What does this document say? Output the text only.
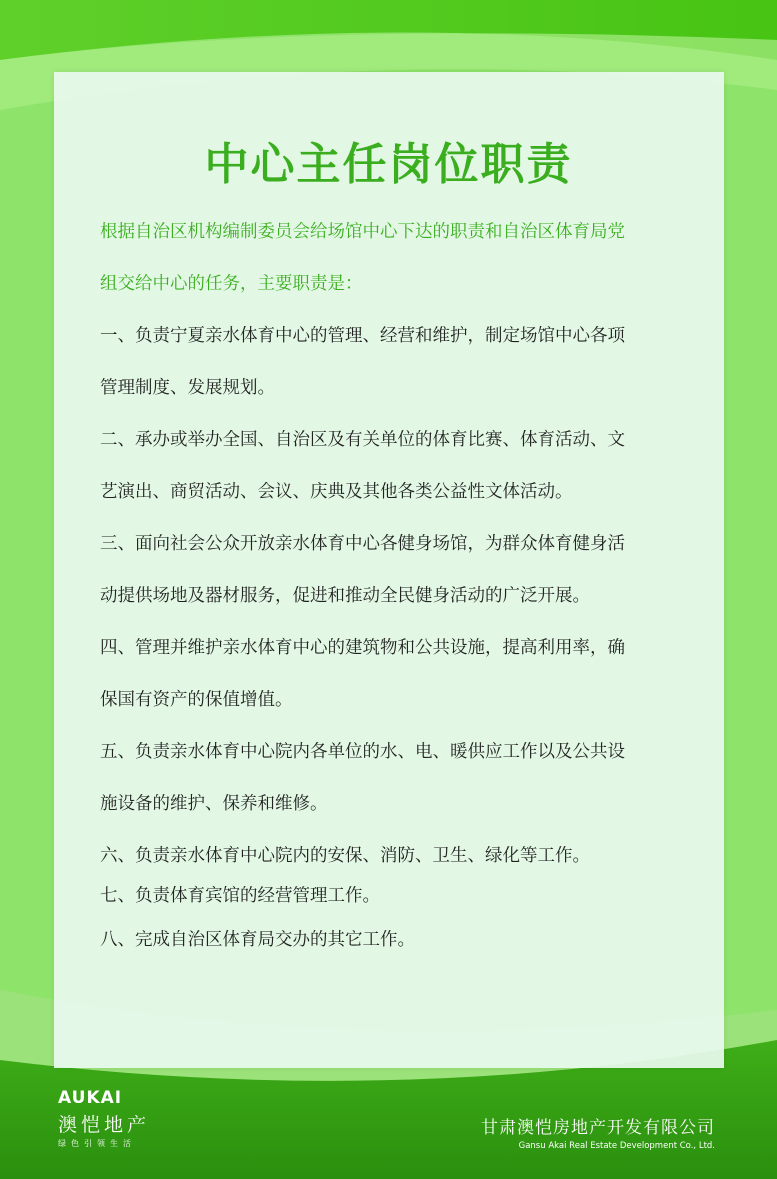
中心主任岗位职责
根据自治区机构编制委员会给场馆中心下达的职责和自治区体育局党
组交给中心的任务，主要职责是：
一、负责宁夏亲水体育中心的管理、经营和维护，制定场馆中心各项
管理制度、发展规划。
二、承办或举办全国、自治区及有关单位的体育比赛、体育活动、文
艺演出、商贸活动、会议、庆典及其他各类公益性文体活动。
三、面向社会公众开放亲水体育中心各健身场馆，为群众体育健身活
动提供场地及器材服务，促进和推动全民健身活动的广泛开展。
四、管理并维护亲水体育中心的建筑物和公共设施，提高利用率，确
保国有资产的保值增值。
五、负责亲水体育中心院内各单位的水、电、暖供应工作以及公共设
施设备的维护、保养和维修。
六、负责亲水体育中心院内的安保、消防、卫生、绿化等工作。
七、负责体育宾馆的经营管理工作。
八、完成自治区体育局交办的其它工作。
AUKAI
澳恺地产
绿色引领生活
甘肃澳恺房地产开发有限公司
Gansu Akai Real Estate Development Co., Ltd.
